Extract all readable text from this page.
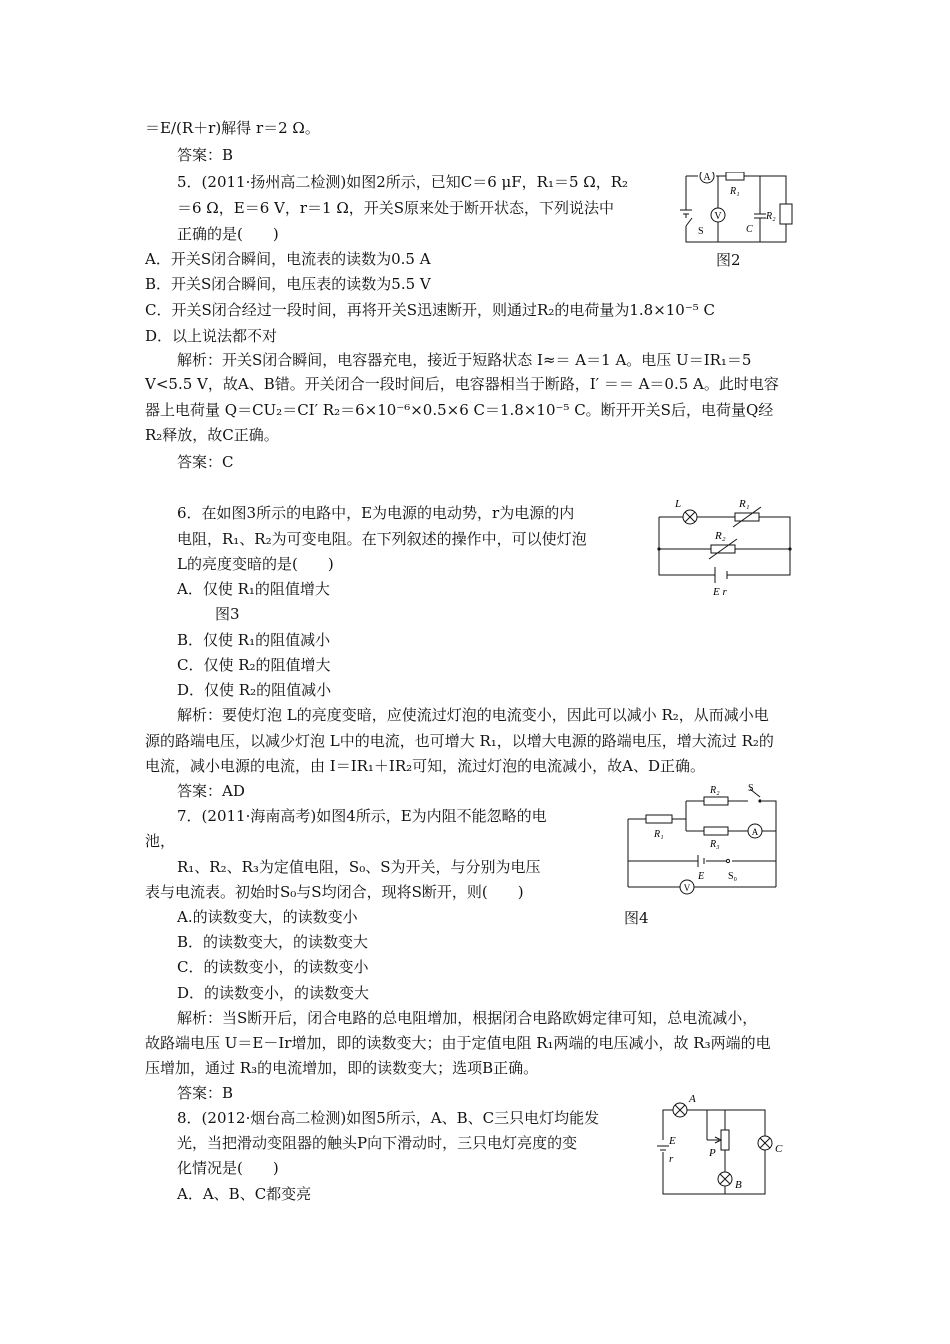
＝E/(R＋r)解得 r＝2 Ω。
答案：B
5．(2011·扬州高二检测)如图2所示，已知C＝6 μF，R₁＝5 Ω，R₂
＝6 Ω，E＝6 V，r＝1 Ω，开关S原来处于断开状态，下列说法中
正确的是(　　)
A．开关S闭合瞬间，电流表的读数为0.5 A
B．开关S闭合瞬间，电压表的读数为5.5 V
C．开关S闭合经过一段时间，再将开关S迅速断开，则通过R₂的电荷量为1.8×10⁻⁵ C
D．以上说法都不对
解析：开关S闭合瞬间，电容器充电，接近于短路状态 I≈＝ A＝1 A。电压 U＝IR₁＝5
V<5.5 V，故A、B错。开关闭合一段时间后，电容器相当于断路，I′ ＝＝ A＝0.5 A。此时电容
器上电荷量 Q＝CU₂＝CI′ R₂＝6×10⁻⁶×0.5×6 C＝1.8×10⁻⁵ C。断开开关S后，电荷量Q经
R₂释放，故C正确。
答案：C
6．在如图3所示的电路中，E为电源的电动势，r为电源的内
电阻，R₁、R₂为可变电阻。在下列叙述的操作中，可以使灯泡
L的亮度变暗的是(　　)
A．仅使 R₁的阻值增大
图3
B．仅使 R₁的阻值减小
C．仅使 R₂的阻值增大
D．仅使 R₂的阻值减小
解析：要使灯泡 L的亮度变暗，应使流过灯泡的电流变小，因此可以减小 R₂，从而减小电
源的路端电压，以减少灯泡 L中的电流，也可增大 R₁，以增大电源的路端电压，增大流过 R₂的
电流，减小电源的电流，由 I＝IR₁＋IR₂可知，流过灯泡的电流减小，故A、D正确。
答案：AD
7．(2011·海南高考)如图4所示，E为内阻不能忽略的电
池，
R₁、R₂、R₃为定值电阻，S₀、S为开关，与分别为电压
表与电流表。初始时S₀与S均闭合，现将S断开，则(　　)
A.的读数变大，的读数变小
B．的读数变大，的读数变大
C．的读数变小，的读数变小
D．的读数变小，的读数变大
解析：当S断开后，闭合电路的总电阻增加，根据闭合电路欧姆定律可知，总电流减小，
故路端电压 U＝E－Ir增加，即的读数变大；由于定值电阻 R₁两端的电压减小，故 R₃两端的电
压增加，通过 R₃的电流增加，即的读数变大；选项B正确。
答案：B
8．(2012·烟台高二检测)如图5所示，A、B、C三只电灯均能发
光，当把滑动变阻器的触头P向下滑动时，三只电灯亮度的变
化情况是(　　)
A．A、B、C都变亮
A
V
R₁
R₂
C
S
图2
L	R₁
R₂
E r
R₁
R₂
R₃
S
A
E S₀
V
图4
A
B
C
P
E
r
